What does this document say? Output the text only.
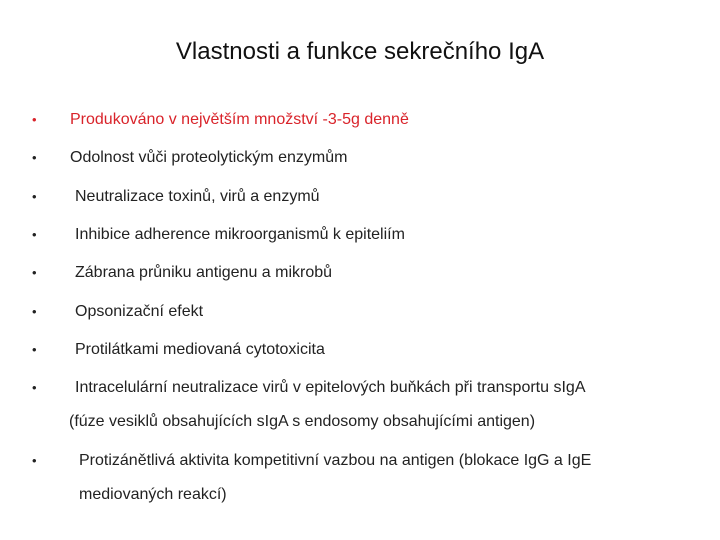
Vlastnosti a funkce sekrečního IgA
• Produkováno v největším množství -3-5g denně
• Odolnost vůči proteolytickým enzymům
• Neutralizace toxinů, virů a enzymů
• Inhibice adherence mikroorganismů k epiteliím
• Zábrana průniku antigenu a mikrobů
• Opsonizační efekt
• Protilátkami mediovaná cytotoxicita
• Intracelulární neutralizace virů v epitelových buňkách při transportu sIgA
(fúze vesiklů obsahujících sIgA s endosomy obsahujícími antigen)
•	Protizánětlivá aktivita kompetitivní vazbou na antigen (blokace IgG a IgE
mediovaných reakcí)
